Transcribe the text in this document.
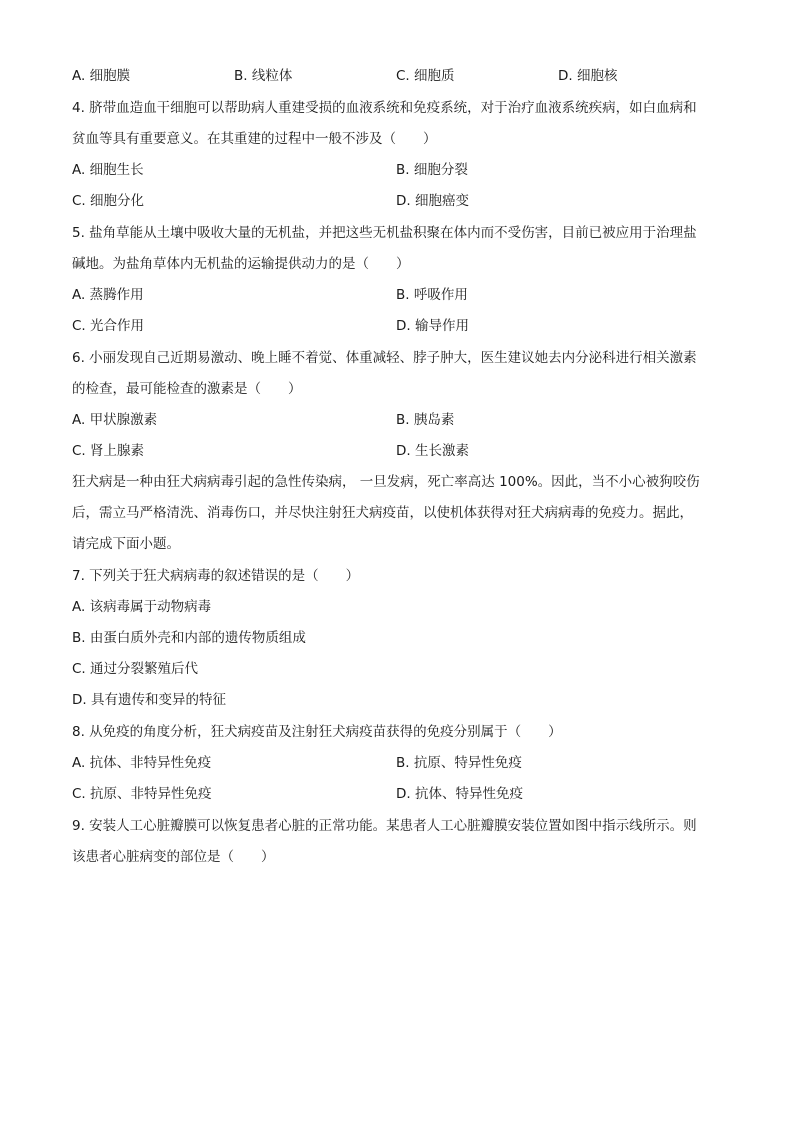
A. 细胞膜	B. 线粒体	C. 细胞质	D. 细胞核
4. 脐带血造血干细胞可以帮助病人重建受损的血液系统和免疫系统，对于治疗血液系统疾病，如白血病和
贫血等具有重要意义。在其重建的过程中一般不涉及（　　）
A. 细胞生长	B. 细胞分裂
C. 细胞分化	D. 细胞癌变
5. 盐角草能从土壤中吸收大量的无机盐，并把这些无机盐积聚在体内而不受伤害，目前已被应用于治理盐
碱地。为盐角草体内无机盐的运输提供动力的是（　　）
A. 蒸腾作用	B. 呼吸作用
C. 光合作用	D. 输导作用
6. 小丽发现自己近期易激动、晚上睡不着觉、体重减轻、脖子肿大，医生建议她去内分泌科进行相关激素
的检查，最可能检查的激素是（　　）
A. 甲状腺激素	B. 胰岛素
C. 肾上腺素	D. 生长激素
狂犬病是一种由狂犬病病毒引起的急性传染病， 一旦发病，死亡率高达 100%。因此，当不小心被狗咬伤
后，需立马严格清洗、消毒伤口，并尽快注射狂犬病疫苗，以使机体获得对狂犬病病毒的免疫力。据此，
请完成下面小题。
7. 下列关于狂犬病病毒的叙述错误的是（　　）
A. 该病毒属于动物病毒
B. 由蛋白质外壳和内部的遗传物质组成
C. 通过分裂繁殖后代
D. 具有遗传和变异的特征
8. 从免疫的角度分析，狂犬病疫苗及注射狂犬病疫苗获得的免疫分别属于（　　）
A. 抗体、非特异性免疫	B. 抗原、特异性免疫
C. 抗原、非特异性免疫	D. 抗体、特异性免疫
9. 安装人工心脏瓣膜可以恢复患者心脏的正常功能。某患者人工心脏瓣膜安装位置如图中指示线所示。则
该患者心脏病变的部位是（　　）
